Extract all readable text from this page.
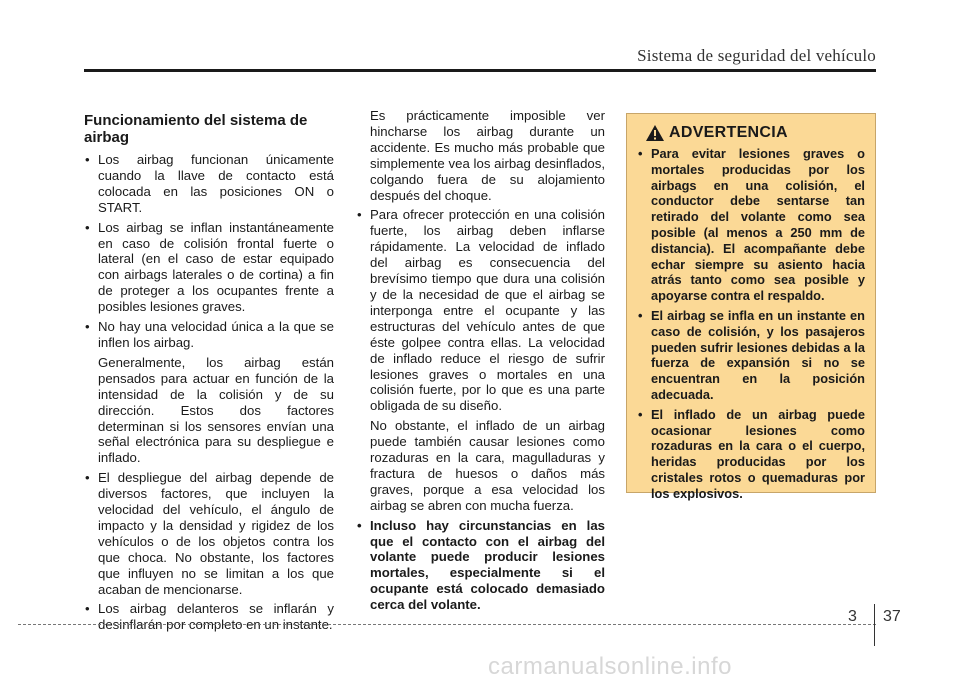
Sistema de seguridad del vehículo
Funcionamiento del sistema de airbag
• Los airbag funcionan únicamente cuando la llave de contacto está colocada en las posiciones ON o START.
• Los airbag se inflan instantáneamente en caso de colisión frontal fuerte o lateral (en el caso de estar equipado con airbags laterales o de cortina) a fin de proteger a los ocupantes frente a posibles lesiones graves.
• No hay una velocidad única a la que se inflen los airbag.

Generalmente, los airbag están pensados para actuar en función de la intensidad de la colisión y de su dirección. Estos dos factores determinan si los sensores envían una señal electrónica para su despliegue e inflado.

• El despliegue del airbag depende de diversos factores, que incluyen la velocidad del vehículo, el ángulo de impacto y la densidad y rigidez de los vehículos o de los objetos contra los que choca. No obstante, los factores que influyen no se limitan a los que acaban de mencionarse.
• Los airbag delanteros se inflarán y desinflarán por completo en un instante.

Es prácticamente imposible ver hincharse los airbag durante un accidente. Es mucho más probable que simplemente vea los airbag desinflados, colgando fuera de su alojamiento después del choque.

• Para ofrecer protección en una colisión fuerte, los airbag deben inflarse rápidamente. La velocidad de inflado del airbag es consecuencia del brevísimo tiempo que dura una colisión y de la necesidad de que el airbag se interponga entre el ocupante y las estructuras del vehículo antes de que éste golpee contra ellas. La velocidad de inflado reduce el riesgo de sufrir lesiones graves o mortales en una colisión fuerte, por lo que es una parte obligada de su diseño.

No obstante, el inflado de un airbag puede también causar lesiones como rozaduras en la cara, magulladuras y fractura de huesos o daños más graves, porque a esa velocidad los airbag se abren con mucha fuerza.

• Incluso hay circunstancias en las que el contacto con el airbag del volante puede producir lesiones mortales, especialmente si el ocupante está colocado demasiado cerca del volante.
ADVERTENCIA
• Para evitar lesiones graves o mortales producidas por los airbags en una colisión, el conductor debe sentarse tan retirado del volante como sea posible (al menos a 250 mm de distancia). El acompañante debe echar siempre su asiento hacia atrás tanto como sea posible y apoyarse contra el respaldo.
• El airbag se infla en un instante en caso de colisión, y los pasajeros pueden sufrir lesiones debidas a la fuerza de expansión si no se encuentran en la posición adecuada.
• El inflado de un airbag puede ocasionar lesiones como rozaduras en la cara o el cuerpo, heridas producidas por los cristales rotos o quemaduras por los explosivos.
3 37
carmanualsonline.info
